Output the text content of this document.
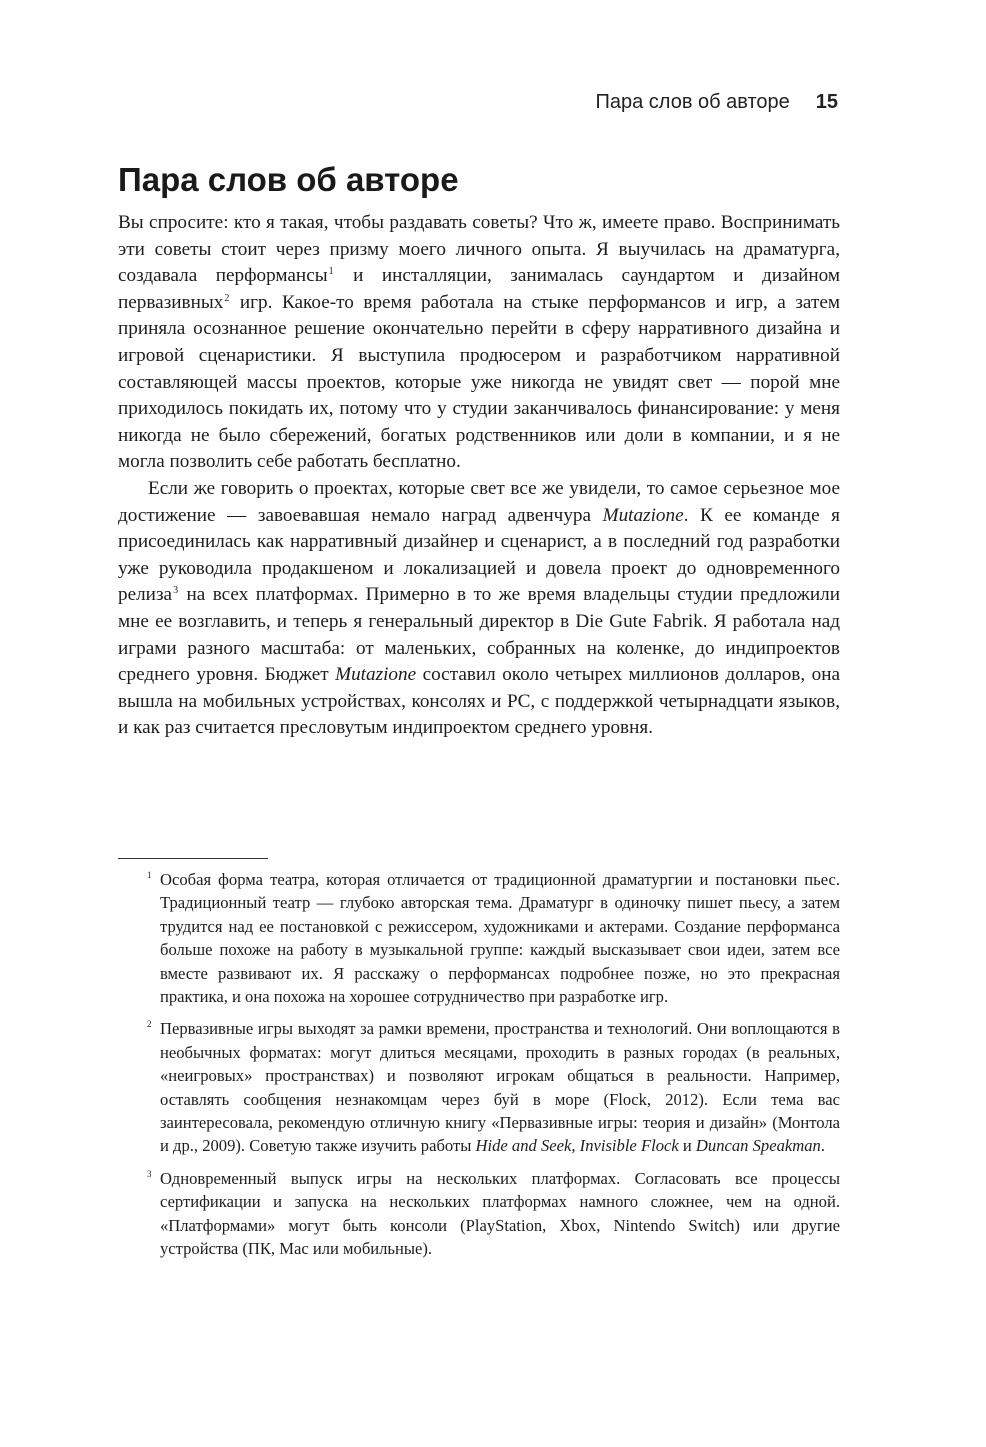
Пара слов об авторе 15
Пара слов об авторе

Вы спросите: кто я такая, чтобы раздавать советы? Что ж, имеете право. Воспринимать эти советы стоит через призму моего личного опыта. Я выучилась на драматурга, создавала перформансы$^1$ и инсталляции, занималась саундартом и дизайном первазивных$^2$ игр. Какое-то время работала на стыке перформансов и игр, а затем приняла осознанное решение окончательно перейти в сферу нарративного дизайна и игровой сценаристики. Я выступила продюсером и разработчиком нарративной составляющей массы проектов, которые уже никогда не увидят свет — порой мне приходилось покидать их, потому что у студии заканчивалось финансирование: у меня никогда не было сбережений, богатых родственников или доли в компании, и я не могла позволить себе работать бесплатно.

Если же говорить о проектах, которые свет все же увидели, то самое серьезное мое достижение — завоевавшая немало наград адвенчура Mutazione. К ее команде я присоединилась как нарративный дизайнер и сценарист, а в последний год разработки уже руководила продакшеном и локализацией и довела проект до одновременного релиза$^3$ на всех платформах. Примерно в то же время владельцы студии предложили мне ее возглавить, и теперь я генеральный директор в Die Gute Fabrik. Я работала над играми разного масштаба: от маленьких, собранных на коленке, до индипроектов среднего уровня. Бюджет Mutazione составил около четырех миллионов долларов, она вышла на мобильных устройствах, консолях и PC, с поддержкой четырнадцати языков, и как раз считается пресловутым индипроектом среднего уровня.

1 Особая форма театра, которая отличается от традиционной драматургии и постановки пьес. Традиционный театр — глубоко авторская тема. Драматург в одиночку пишет пьесу, а затем трудится над ее постановкой с режиссером, художниками и актерами. Создание перформанса больше похоже на работу в музыкальной группе: каждый высказывает свои идеи, затем все вместе развивают их. Я расскажу о перформансах подробнее позже, но это прекрасная практика, и она похожа на хорошее сотрудничество при разработке игр.

2 Первазивные игры выходят за рамки времени, пространства и технологий. Они воплощаются в необычных форматах: могут длиться месяцами, проходить в разных городах (в реальных, «неигровых» пространствах) и позволяют игрокам общаться в реальности. Например, оставлять сообщения незнакомцам через буй в море (Flock, 2012). Если тема вас заинтересовала, рекомендую отличную книгу «Первазивные игры: теория и дизайн» (Монтола и др., 2009). Советую также изучить работы Hide and Seek, Invisible Flock и Duncan Speakman.

3 Одновременный выпуск игры на нескольких платформах. Согласовать все процессы сертификации и запуска на нескольких платформах намного сложнее, чем на одной. «Платформами» могут быть консоли (PlayStation, Xbox, Nintendo Switch) или другие устройства (ПК, Mac или мобильные).
